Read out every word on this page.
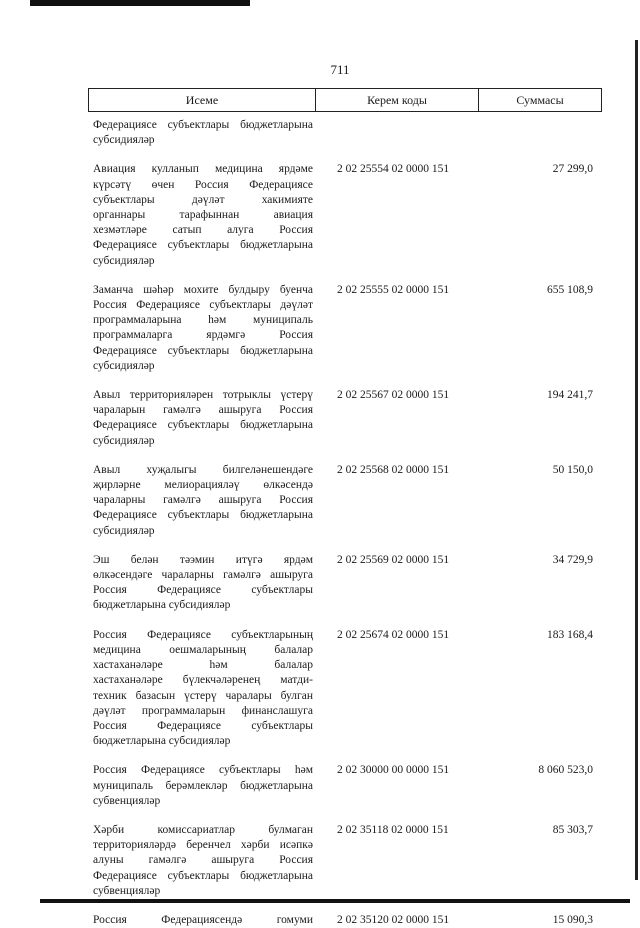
711
Исеме	Керем коды	Суммасы
Федерациясе субъектлары бюджетларына
субсидияләр
Авиация кулланып медицина ярдәме
күрсәтү өчен Россия Федерациясе
субъектлары дәүләт хакимияте
органнары тарафыннан авиация
хезмәтләре сатып алуга Россия
Федерациясе субъектлары бюджетларына
субсидияләр
2 02 25554 02 0000 151	27 299,0
Заманча шәһәр мохите булдыру буенча
Россия Федерациясе субъектлары дәүләт
программаларына һәм муниципаль
программаларга ярдәмгә Россия
Федерациясе субъектлары бюджетларына
субсидияләр
2 02 25555 02 0000 151	655 108,9
Авыл территорияләрен тотрыклы үстерү
чараларын гамәлгә ашыруга Россия
Федерациясе субъектлары бюджетларына
субсидияләр
2 02 25567 02 0000 151	194 241,7
Авыл хуҗалыгы билгеләнешендәге
җирләрне мелиорацияләү өлкәсендә
чараларны гамәлгә ашыруга Россия
Федерациясе субъектлары бюджетларына
субсидияләр
2 02 25568 02 0000 151	50 150,0
Эш белән тәэмин итүгә ярдәм
өлкәсендәге чараларны гамәлгә ашыруга
Россия Федерациясе субъектлары
бюджетларына субсидияләр
2 02 25569 02 0000 151	34 729,9
Россия Федерациясе субъектларының
медицина оешмаларының балалар
хастаханәләре һәм балалар
хастаханәләре бүлекчәләренең матди-
техник базасын үстерү чаралары булган
дәүләт программаларын финанслашуга
Россия Федерациясе субъектлары
бюджетларына субсидияләр
2 02 25674 02 0000 151	183 168,4
Россия Федерациясе субъектлары һәм
муниципаль берәмлекләр бюджетларына
субвенцияләр
2 02 30000 00 0000 151	8 060 523,0
Хәрби комиссариатлар булмаган
территорияләрдә беренчел хәрби исәпкә
алуны гамәлгә ашыруга Россия
Федерациясе субъектлары бюджетларына
субвенцияләр
2 02 35118 02 0000 151	85 303,7
Россия Федерациясендә гомуми	2 02 35120 02 0000 151	15 090,3
